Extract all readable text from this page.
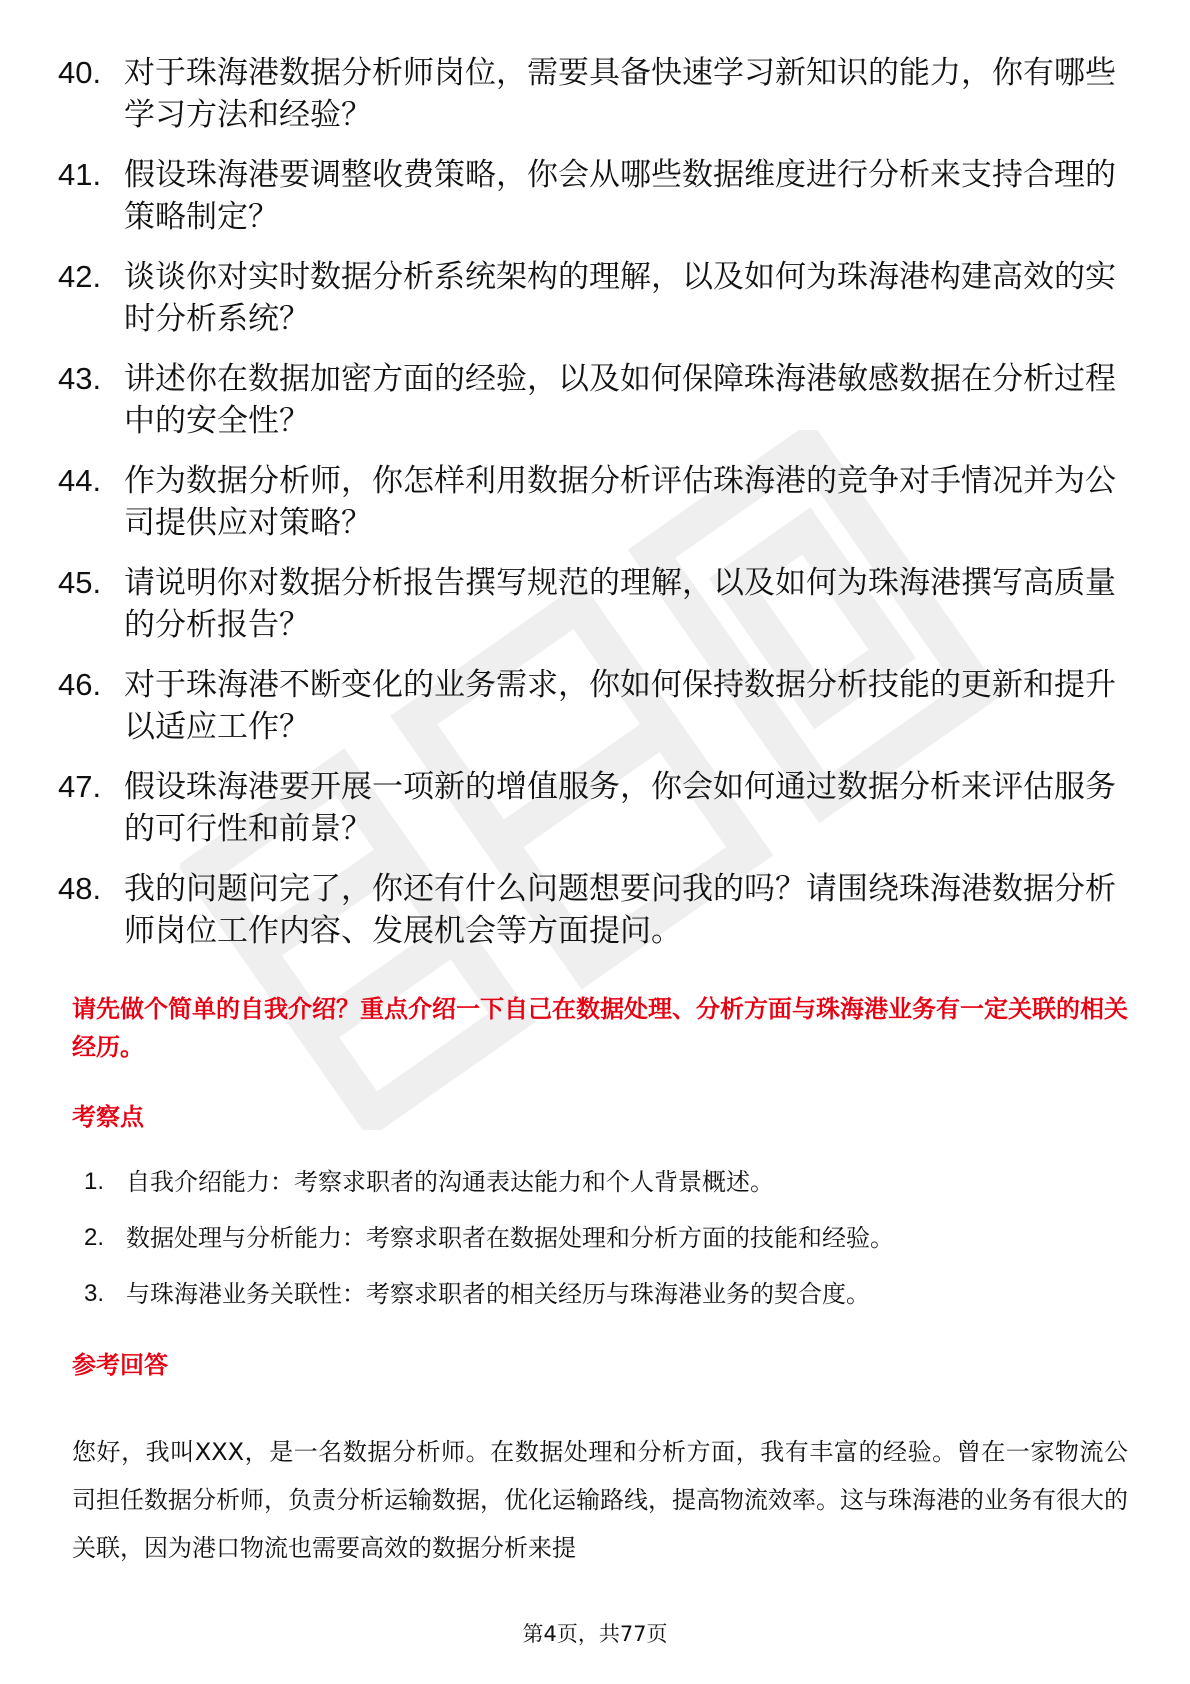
40. 对于珠海港数据分析师岗位，需要具备快速学习新知识的能力，你有哪些学习方法和经验？
41. 假设珠海港要调整收费策略，你会从哪些数据维度进行分析来支持合理的策略制定？
42. 谈谈你对实时数据分析系统架构的理解，以及如何为珠海港构建高效的实时分析系统？
43. 讲述你在数据加密方面的经验，以及如何保障珠海港敏感数据在分析过程中的安全性？
44. 作为数据分析师，你怎样利用数据分析评估珠海港的竞争对手情况并为公司提供应对策略？
45. 请说明你对数据分析报告撰写规范的理解，以及如何为珠海港撰写高质量的分析报告？
46. 对于珠海港不断变化的业务需求，你如何保持数据分析技能的更新和提升以适应工作？
47. 假设珠海港要开展一项新的增值服务，你会如何通过数据分析来评估服务的可行性和前景？
48. 我的问题问完了，你还有什么问题想要问我的吗？请围绕珠海港数据分析师岗位工作内容、发展机会等方面提问。
请先做个简单的自我介绍？重点介绍一下自己在数据处理、分析方面与珠海港业务有一定关联的相关经历。
考察点
1. 自我介绍能力：考察求职者的沟通表达能力和个人背景概述。
2. 数据处理与分析能力：考察求职者在数据处理和分析方面的技能和经验。
3. 与珠海港业务关联性：考察求职者的相关经历与珠海港业务的契合度。
参考回答
您好，我叫XXX，是一名数据分析师。在数据处理和分析方面，我有丰富的经验。曾在一家物流公司担任数据分析师，负责分析运输数据，优化运输路线，提高物流效率。这与珠海港的业务有很大的关联，因为港口物流也需要高效的数据分析来提
第4页，共77页
